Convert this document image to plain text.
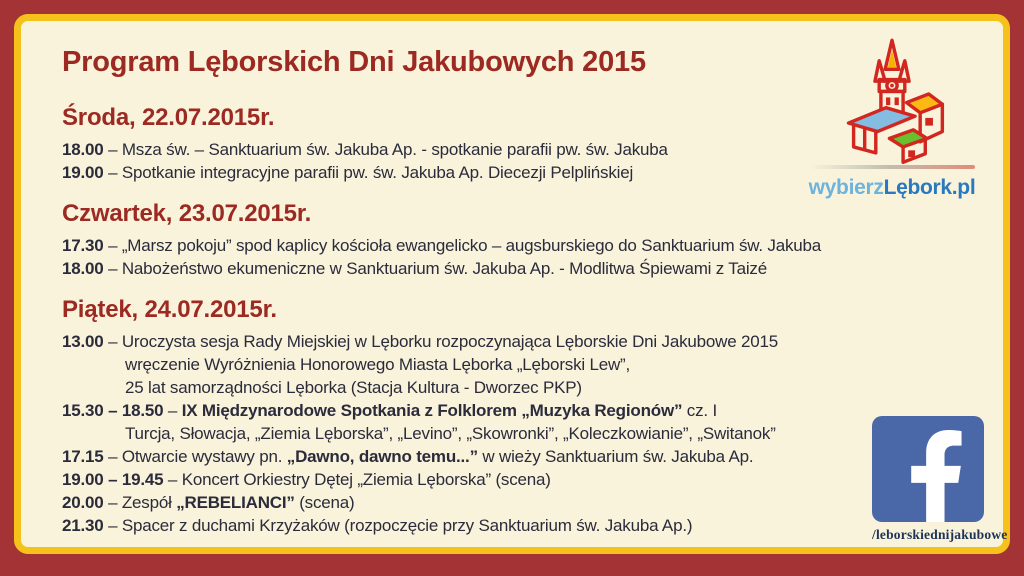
Program Lęborskich Dni Jakubowych 2015
Środa, 22.07.2015r.
18.00 – Msza św. – Sanktuarium św. Jakuba Ap. - spotkanie parafii pw. św. Jakuba
19.00 – Spotkanie integracyjne parafii pw. św. Jakuba Ap. Diecezji Pelplińskiej
Czwartek, 23.07.2015r.
17.30 – „Marsz pokoju” spod kaplicy kościoła ewangelicko – augsburskiego do Sanktuarium św. Jakuba
18.00 – Nabożeństwo ekumeniczne w Sanktuarium św. Jakuba Ap. - Modlitwa Śpiewami z Taizé
Piątek, 24.07.2015r.
13.00 – Uroczysta sesja Rady Miejskiej w Lęborku rozpoczynająca Lęborskie Dni Jakubowe 2015
wręczenie Wyróżnienia Honorowego Miasta Lęborka „Lęborski Lew”,
25 lat samorządności Lęborka (Stacja Kultura - Dworzec PKP)
15.30 – 18.50 – IX Międzynarodowe Spotkania z Folklorem „Muzyka Regionów” cz. I
Turcja, Słowacja, „Ziemia Lęborska”, „Levino”, „Skowronki”, „Koleczkowianie”, „Switanok”
17.15 – Otwarcie wystawy pn. „Dawno, dawno temu...” w wieży Sanktuarium św. Jakuba Ap.
19.00 – 19.45 – Koncert Orkiestry Dętej „Ziemia Lęborska” (scena)
20.00 – Zespół „REBELIANCI” (scena)
21.30 – Spacer z duchami Krzyżaków (rozpoczęcie przy Sanktuarium św. Jakuba Ap.)
wybierzLębork.pl
/leborskiednijakubowe
